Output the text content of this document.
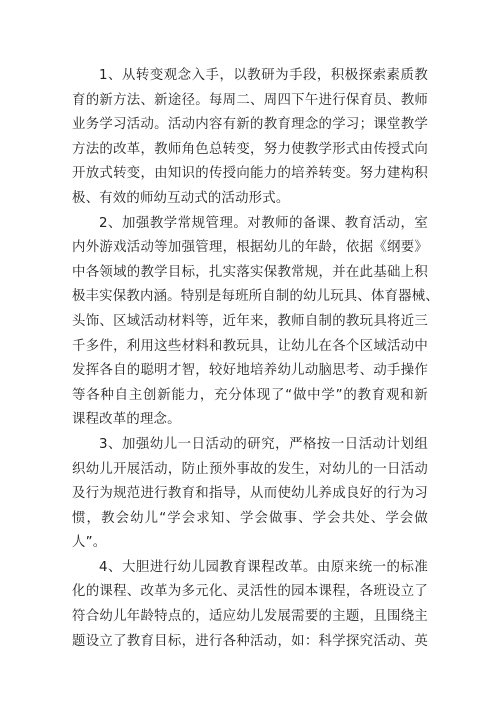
1、从转变观念入手，以教研为手段，积极探索素质教
育的新方法、新途径。每周二、周四下午进行保育员、教师
业务学习活动。活动内容有新的教育理念的学习；课堂教学
方法的改革，教师角色总转变，努力使教学形式由传授式向
开放式转变，由知识的传授向能力的培养转变。努力建构积
极、有效的师幼互动式的活动形式。
2、加强教学常规管理。对教师的备课、教育活动，室
内外游戏活动等加强管理，根据幼儿的年龄，依据《纲要》
中各领域的教学目标，扎实落实保教常规，并在此基础上积
极丰实保教内涵。特别是每班所自制的幼儿玩具、体育器械、
头饰、区域活动材料等，近年来，教师自制的教玩具将近三
千多件，利用这些材料和教玩具，让幼儿在各个区域活动中
发挥各自的聪明才智，较好地培养幼儿动脑思考、动手操作
等各种自主创新能力，充分体现了“做中学”的教育观和新
课程改革的理念。
3、加强幼儿一日活动的研究，严格按一日活动计划组
织幼儿开展活动，防止预外事故的发生，对幼儿的一日活动
及行为规范进行教育和指导，从而使幼儿养成良好的行为习
惯，教会幼儿“学会求知、学会做事、学会共处、学会做
人”。
4、大胆进行幼儿园教育课程改革。由原来统一的标准
化的课程、改革为多元化、灵活性的园本课程，各班设立了
符合幼儿年龄特点的，适应幼儿发展需要的主题，且围绕主
题设立了教育目标，进行各种活动，如：科学探究活动、英
